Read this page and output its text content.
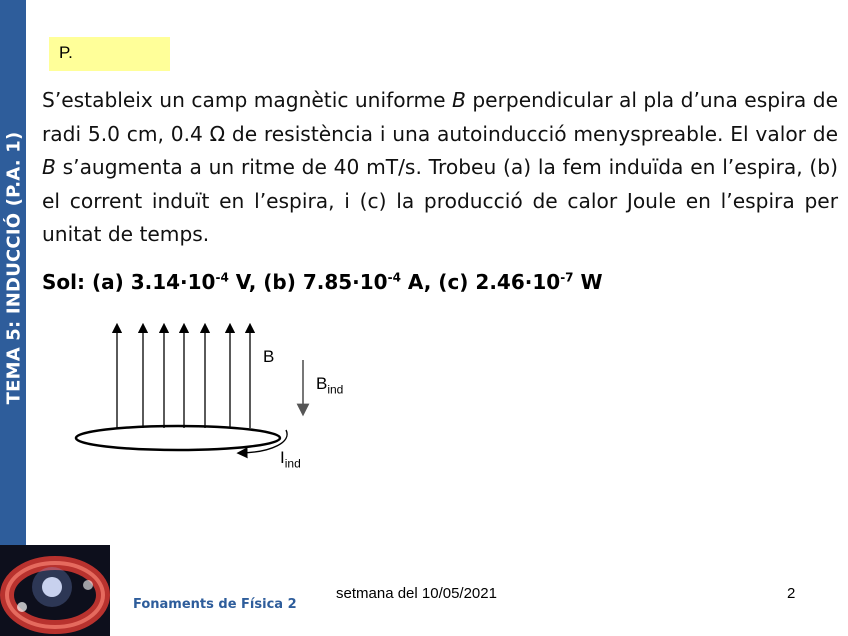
TEMA 5: INDUCCIÓ (P.A. 1)
P.
S’estableix un camp magnètic uniforme B perpendicular al pla d’una espira de radi 5.0 cm, 0.4 Ω de resistència i una autoinducció menyspreable. El valor de B s’augmenta a un ritme de 40 mT/s. Trobeu (a) la fem induïda en l’espira, (b) el corrent induït en l’espira, i (c) la producció de calor Joule en l’espira per unitat de temps.
Sol: (a) $3.14\cdot 10^{-4}$ V, (b) $7.85\cdot 10^{-4}$ A, (c) $2.46\cdot 10^{-7}$ W
B
$B_{ind}$
$I_{ind}$
Fonaments de Física 2
setmana del 10/05/2021	2
